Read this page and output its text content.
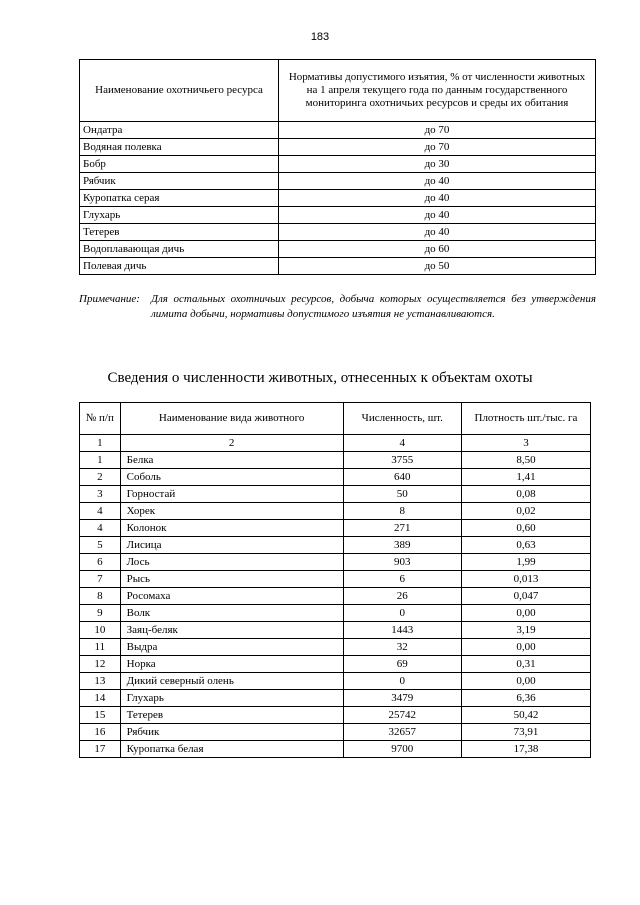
183
Наименование охотничьего ресурса	Нормативы допустимого изъятия, % от численности животных на 1 апреля текущего года по данным государственного мониторинга охотничьих ресурсов и среды их обитания
Ондатра	до 70
Водяная полевка	до 70
Бобр	до 30
Рябчик	до 40
Куропатка серая	до 40
Глухарь	до 40
Тетерев	до 40
Водоплавающая дичь	до 60
Полевая дичь	до 50
Примечание:	Для остальных охотничьих ресурсов, добыча которых осуществляется без утверждения лимита добычи, нормативы допустимого изъятия не устанавливаются.
Сведения о численности животных, отнесенных к объектам охоты
№ п/п	Наименование вида животного	Численность, шт.	Плотность шт./тыс. га
1	2	4	3
1	Белка	3755	8,50
2	Соболь	640	1,41
3	Горностай	50	0,08
4	Хорек	8	0,02
4	Колонок	271	0,60
5	Лисица	389	0,63
6	Лось	903	1,99
7	Рысь	6	0,013
8	Росомаха	26	0,047
9	Волк	0	0,00
10	Заяц-беляк	1443	3,19
11	Выдра	32	0,00
12	Норка	69	0,31
13	Дикий северный олень	0	0,00
14	Глухарь	3479	6,36
15	Тетерев	25742	50,42
16	Рябчик	32657	73,91
17	Куропатка белая	9700	17,38
